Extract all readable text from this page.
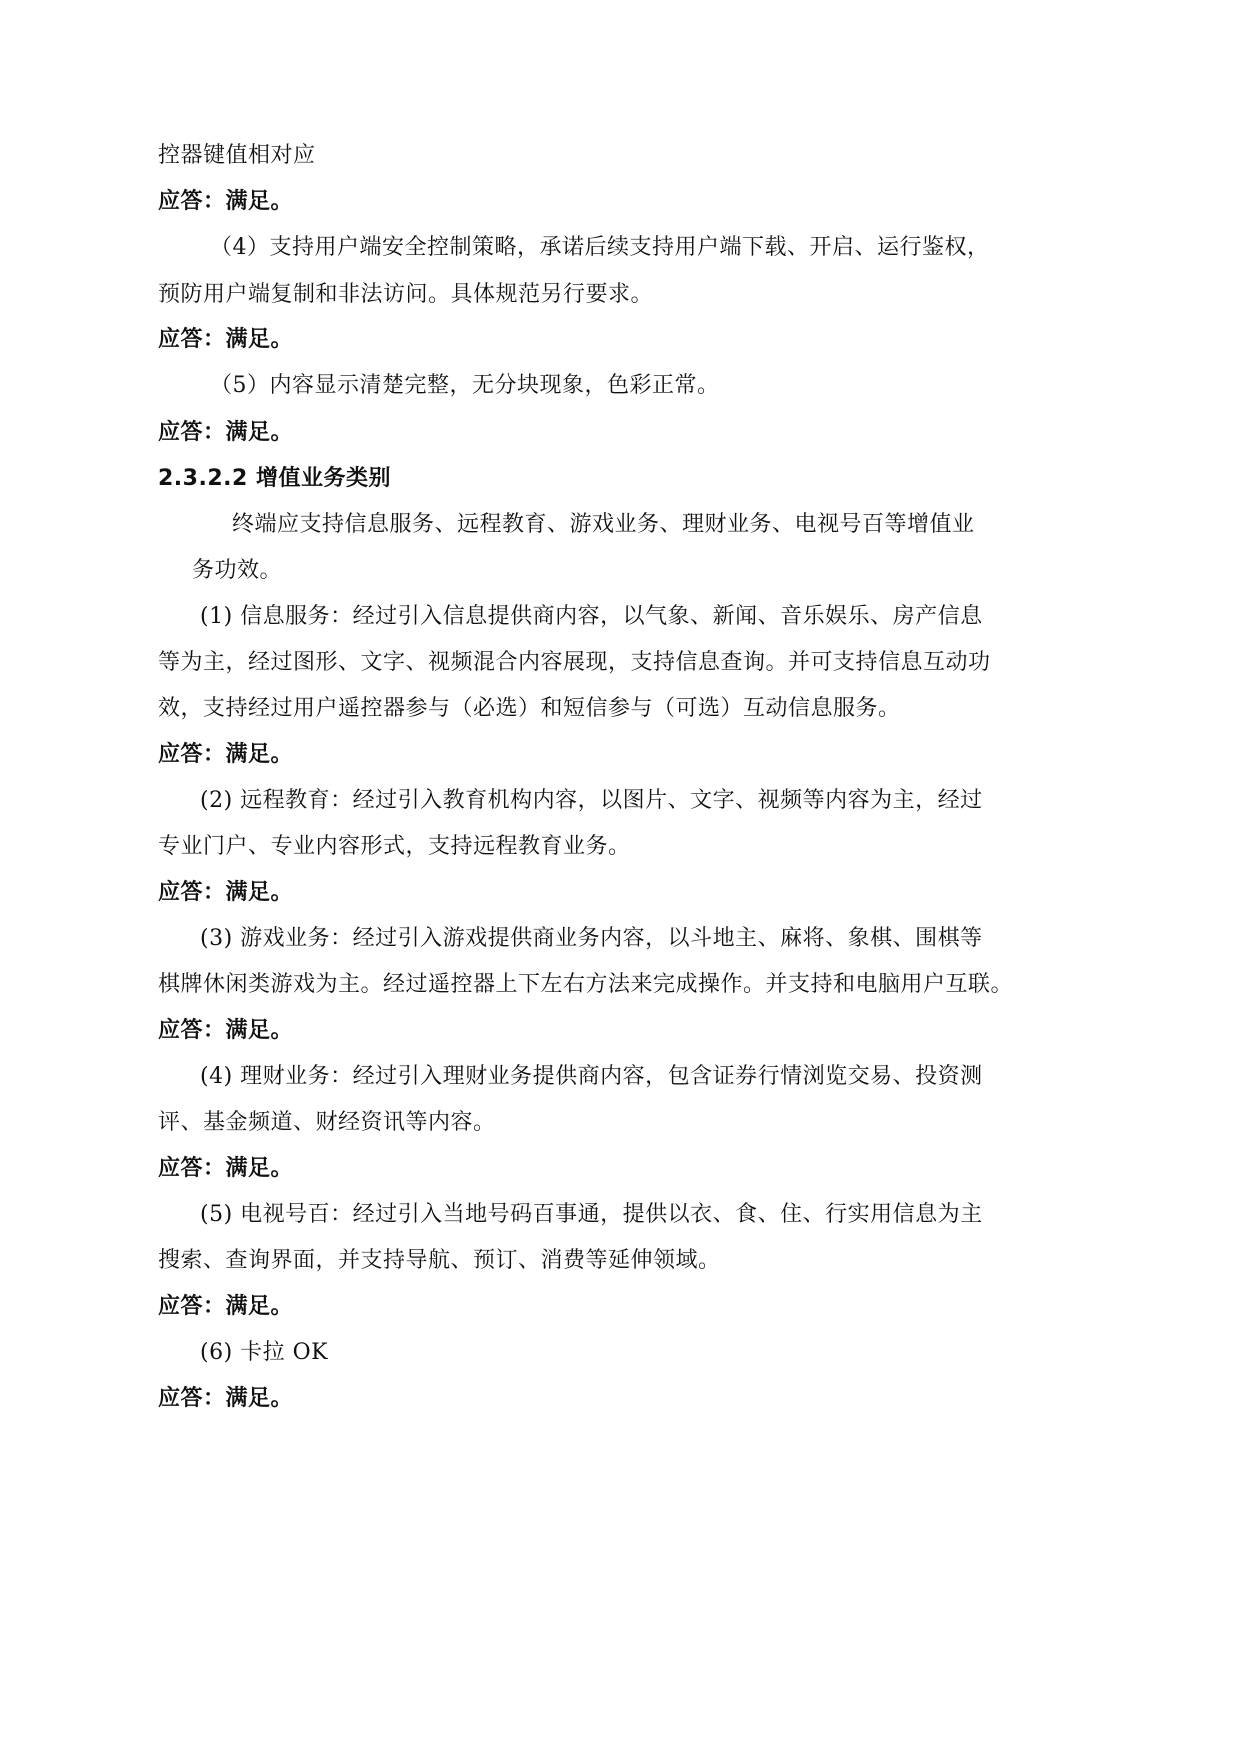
控器键值相对应
应答：满足。
（4）支持用户端安全控制策略，承诺后续支持用户端下载、开启、运行鉴权，
预防用户端复制和非法访问。具体规范另行要求。
应答：满足。
（5）内容显示清楚完整，无分块现象，色彩正常。
应答：满足。
2.3.2.2 增值业务类别
终端应支持信息服务、远程教育、游戏业务、理财业务、电视号百等增值业
务功效。
(1) 信息服务：经过引入信息提供商内容，以气象、新闻、音乐娱乐、房产信息
等为主，经过图形、文字、视频混合内容展现，支持信息查询。并可支持信息互动功
效，支持经过用户遥控器参与（必选）和短信参与（可选）互动信息服务。
应答：满足。
(2) 远程教育：经过引入教育机构内容，以图片、文字、视频等内容为主，经过
专业门户、专业内容形式，支持远程教育业务。
应答：满足。
(3) 游戏业务：经过引入游戏提供商业务内容，以斗地主、麻将、象棋、围棋等
棋牌休闲类游戏为主。经过遥控器上下左右方法来完成操作。并支持和电脑用户互联。
应答：满足。
(4) 理财业务：经过引入理财业务提供商内容，包含证券行情浏览交易、投资测
评、基金频道、财经资讯等内容。
应答：满足。
(5) 电视号百：经过引入当地号码百事通，提供以衣、食、住、行实用信息为主
搜索、查询界面，并支持导航、预订、消费等延伸领域。
应答：满足。
(6) 卡拉 OK
应答：满足。
